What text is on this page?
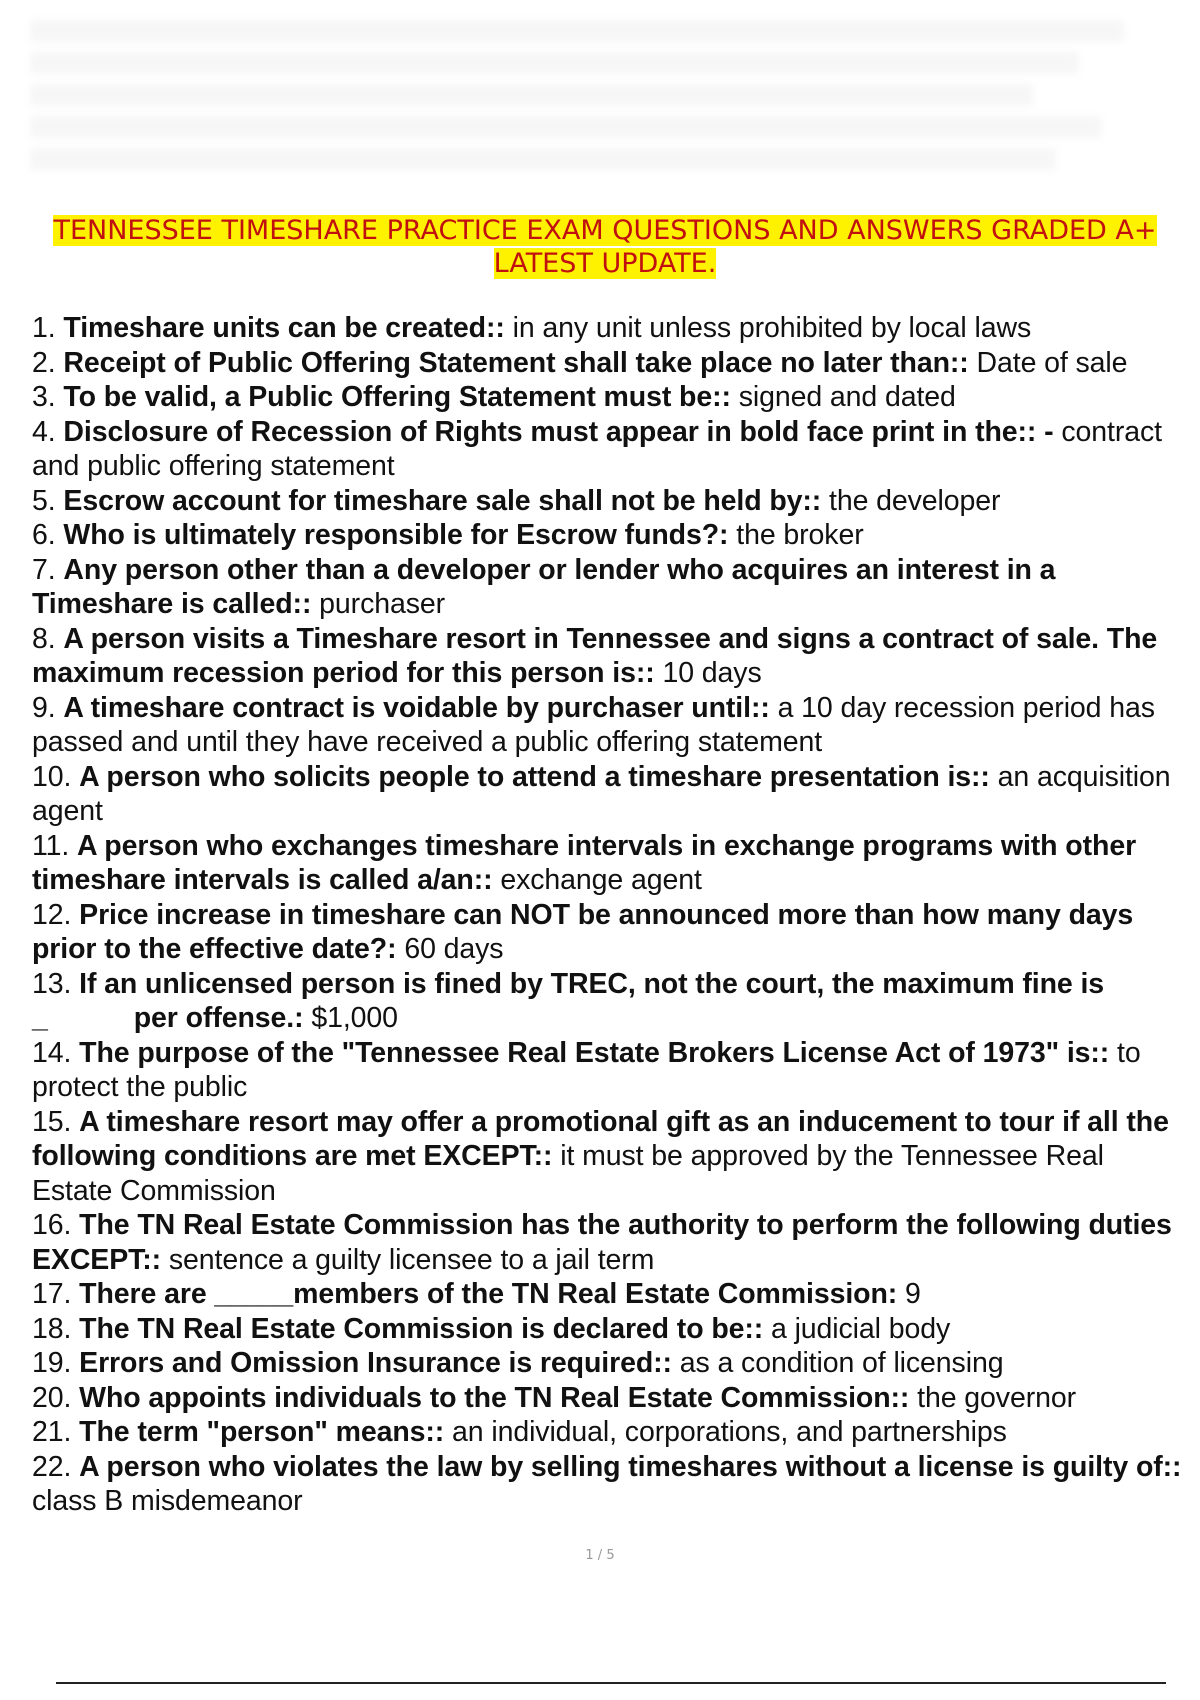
TENNESSEE TIMESHARE PRACTICE EXAM QUESTIONS AND ANSWERS GRADED A+ LATEST UPDATE.
1. Timeshare units can be created:: in any unit unless prohibited by local laws
2. Receipt of Public Offering Statement shall take place no later than:: Date of sale
3. To be valid, a Public Offering Statement must be:: signed and dated
4. Disclosure of Recession of Rights must appear in bold face print in the:: - contract and public offering statement
5. Escrow account for timeshare sale shall not be held by:: the developer
6. Who is ultimately responsible for Escrow funds?: the broker
7. Any person other than a developer or lender who acquires an interest in a Timeshare is called:: purchaser
8. A person visits a Timeshare resort in Tennessee and signs a contract of sale. The maximum recession period for this person is:: 10 days
9. A timeshare contract is voidable by purchaser until:: a 10 day recession period has passed and until they have received a public offering statement
10. A person who solicits people to attend a timeshare presentation is:: an acquisition agent
11. A person who exchanges timeshare intervals in exchange programs with other timeshare intervals is called a/an:: exchange agent
12. Price increase in timeshare can NOT be announced more than how many days prior to the effective date?: 60 days
13. If an unlicensed person is fined by TREC, not the court, the maximum fine is _           per offense.: $1,000
14. The purpose of the "Tennessee Real Estate Brokers License Act of 1973" is:: to protect the public
15. A timeshare resort may offer a promotional gift as an inducement to tour if all the following conditions are met EXCEPT:: it must be approved by the Tennessee Real Estate Commission
16. The TN Real Estate Commission has the authority to perform the following duties EXCEPT:: sentence a guilty licensee to a jail term
17. There are _____members of the TN Real Estate Commission: 9
18. The TN Real Estate Commission is declared to be:: a judicial body
19. Errors and Omission Insurance is required:: as a condition of licensing
20. Who appoints individuals to the TN Real Estate Commission:: the governor
21. The term "person" means:: an individual, corporations, and partnerships
22. A person who violates the law by selling timeshares without a license is guilty of:: class B misdemeanor
1 / 5
